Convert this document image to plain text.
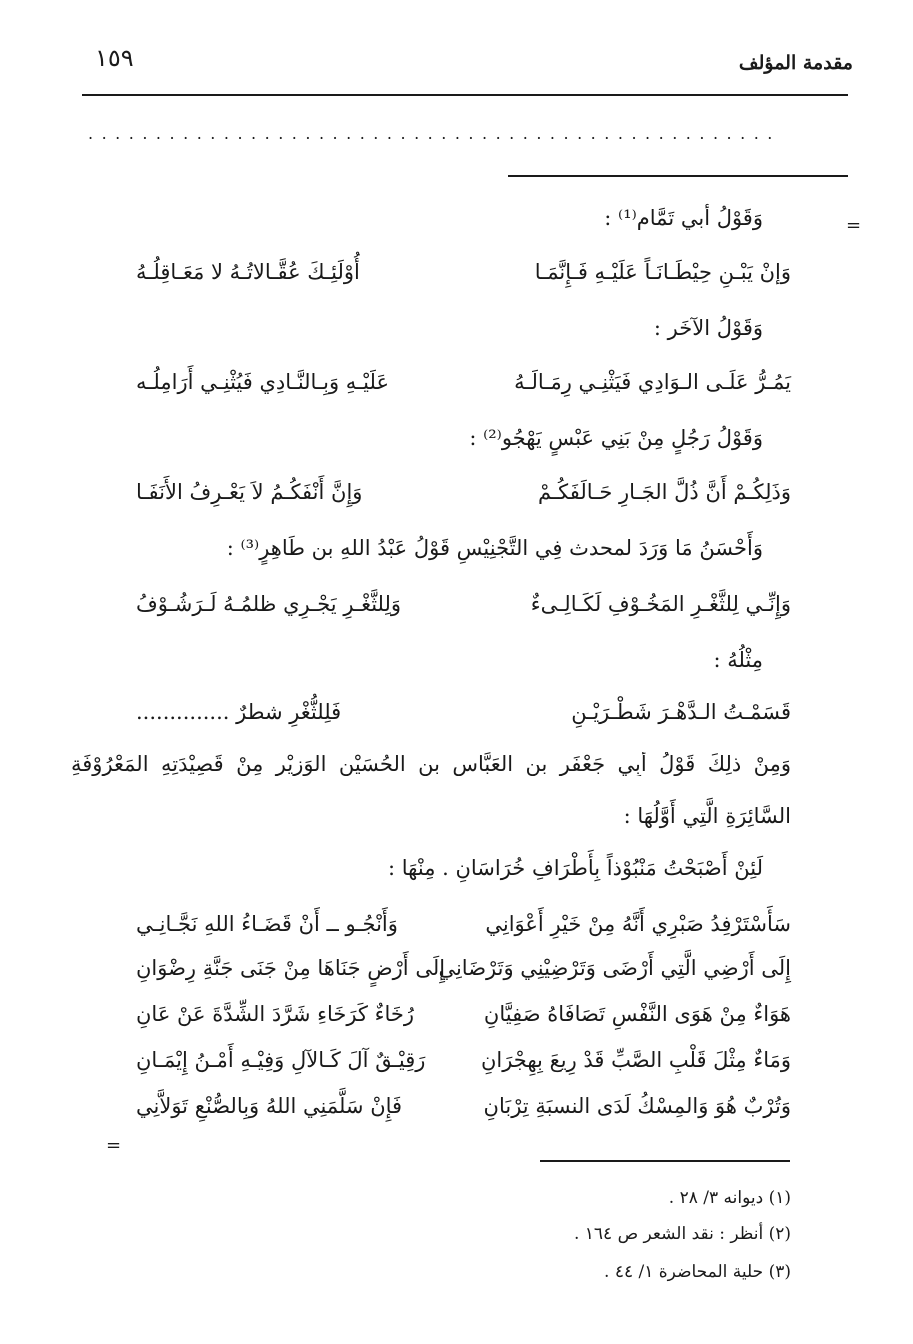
١٥٩	مقدمة المؤلف
...................................................
=
وَقَوْلُ أبي تَمَّام⁽¹⁾ :
وَإنْ يَبْـنِ حِيْطَـانَـاً عَلَيْـهِ فَـإِنَّمَـا
أُوْلَئِـكَ عُقَّـالاتُـهُ لا مَعَـاقِلُـهُ
وَقَوْلُ الآخَر :
يَمُـرُّ عَلَـى الـوَادِي فَيَثْنِـي رِمَـالَـهُ
عَلَيْـهِ وَبِـالنَّـادِي فَيُثْنِـي أَرَامِلُـه
وَقَوْلُ رَجُلٍ مِنْ بَنِي عَبْسٍ يَهْجُو⁽²⁾ :
وَذَلِكُـمْ أَنَّ ذُلَّ الجَـارِ حَـالَفَكُـمْ
وَإِنَّ أَنْفَكُـمُ لاَ يَعْـرِفُ الأَنَفَـا
وَأَحْسَنُ مَا وَرَدَ لمحدث فِي التَّجْنِيْسِ قَوْلُ عَبْدُ اللهِ بن طَاهِرٍ⁽³⁾ :
وَإِنِّـي لِلثَّغْـرِ المَخُـوْفِ لَكَـالِـىءٌ
وَلِلثَّغْـرِ يَجْـرِي ظلمُـهُ لَـرَشُـوْفُ
مِثْلُهُ :
قَسَمْـتُ الـدَّهْـرَ شَطْـرَيْـنِ
فَلِلثُّغْرِ شطرٌ ..............
وَمِنْ ذلِكَ قَوْلُ أَبِي جَعْفَرِ بنِ العَبَّاس بن الحُسَيْنِ الوَزِيْرِ مِنْ قَصِيْدَتِهِ المَعْرُوْفَةِ
السَّائِرَةِ الَّتِي أَوَّلُهَا :
لَئِنْ أَصْبَحْتُ مَنْبُوْذاً بِأَطْرَافِ خُرَاسَانِ . مِنْهَا :
سَأَسْتَرْفِدُ صَبْرِي أَنَّهُ مِنْ خَيْرِ أَعْوَانِي
وَأَنْجُـو ــ أَنْ قَضَـاءُ اللهِ نَجَّـانِـي
إِلَى أَرْضِي الَّتِي أَرْضَى وَتَرْضِيْنِي وَتَرْضَانِي
إِلَى أَرْضٍ جَنَاهَا مِنْ جَنَى جَنَّةِ رِضْوَانِ
هَوَاءٌ مِنْ هَوَى النَّفْسِ تَصَافَاهُ صَفِيَّانِ
رُخَاءٌ كَرَخَاءِ شَرَّدَ الشِّدَّةَ عَنْ عَانِ
وَمَاءٌ مِثْلَ قَلْبِ الصَّبِّ قَدْ رِيعَ بِهِجْرَانِ
رَقِيْـقٌ آلَ كَـالآلِ وَفِيْـهِ أَمْـنُ إِيْمَـانِ
وَتُرْبٌ هُوَ وَالمِسْكُ لَدَى النسبَةِ تِرْبَانِ
فَإِنْ سَلَّمَنِي اللهُ وَبِالصُّنْعِ تَوَلاَّنِي
=
(١) ديوانه ٣/ ٢٨ .
(٢) أنظر : نقد الشعر ص ١٦٤ .
(٣) حلية المحاضرة ١/ ٤٤ .
